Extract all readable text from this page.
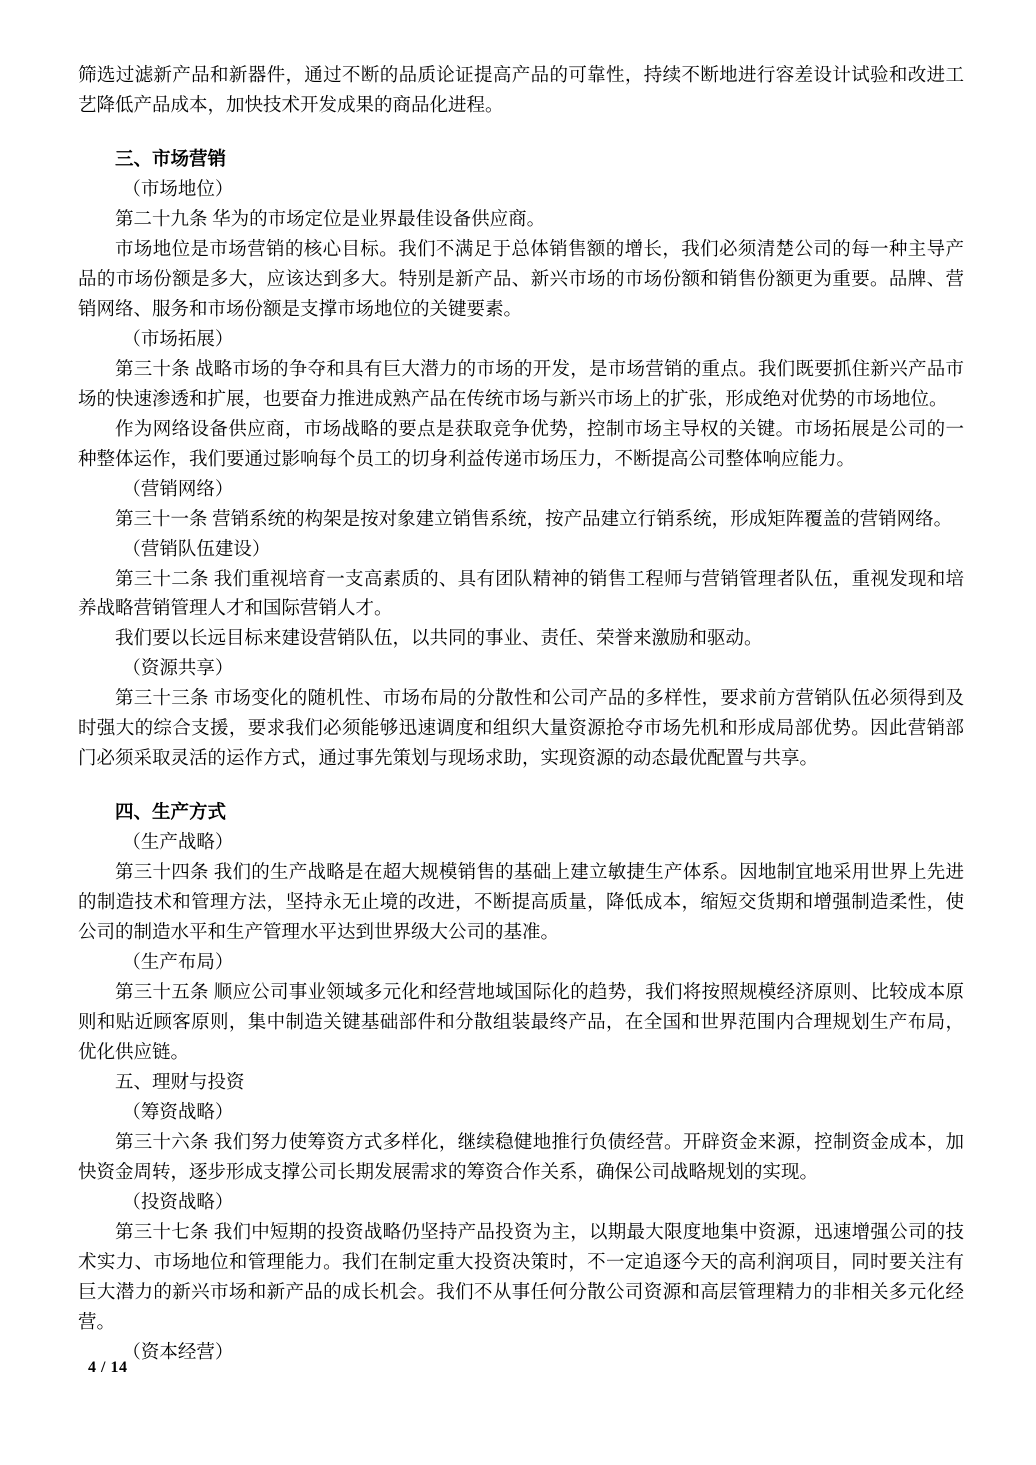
筛选过滤新产品和新器件，通过不断的品质论证提高产品的可靠性，持续不断地进行容差设计试验和改进工艺降低产品成本，加快技术开发成果的商品化进程。

三、市场营销

（市场地位）

第二十九条 华为的市场定位是业界最佳设备供应商。

市场地位是市场营销的核心目标。我们不满足于总体销售额的增长，我们必须清楚公司的每一种主导产品的市场份额是多大，应该达到多大。特别是新产品、新兴市场的市场份额和销售份额更为重要。品牌、营销网络、服务和市场份额是支撑市场地位的关键要素。

（市场拓展）

第三十条 战略市场的争夺和具有巨大潜力的市场的开发，是市场营销的重点。我们既要抓住新兴产品市场的快速渗透和扩展，也要奋力推进成熟产品在传统市场与新兴市场上的扩张，形成绝对优势的市场地位。

作为网络设备供应商，市场战略的要点是获取竞争优势，控制市场主导权的关键。市场拓展是公司的一种整体运作，我们要通过影响每个员工的切身利益传递市场压力，不断提高公司整体响应能力。

（营销网络）

第三十一条 营销系统的构架是按对象建立销售系统，按产品建立行销系统，形成矩阵覆盖的营销网络。

（营销队伍建设）

第三十二条 我们重视培育一支高素质的、具有团队精神的销售工程师与营销管理者队伍，重视发现和培养战略营销管理人才和国际营销人才。

我们要以长远目标来建设营销队伍，以共同的事业、责任、荣誉来激励和驱动。

（资源共享）

第三十三条 市场变化的随机性、市场布局的分散性和公司产品的多样性，要求前方营销队伍必须得到及时强大的综合支援，要求我们必须能够迅速调度和组织大量资源抢夺市场先机和形成局部优势。因此营销部门必须采取灵活的运作方式，通过事先策划与现场求助，实现资源的动态最优配置与共享。

四、生产方式

（生产战略）

第三十四条 我们的生产战略是在超大规模销售的基础上建立敏捷生产体系。因地制宜地采用世界上先进的制造技术和管理方法，坚持永无止境的改进，不断提高质量，降低成本，缩短交货期和增强制造柔性，使公司的制造水平和生产管理水平达到世界级大公司的基准。

（生产布局）

第三十五条 顺应公司事业领域多元化和经营地域国际化的趋势，我们将按照规模经济原则、比较成本原则和贴近顾客原则，集中制造关键基础部件和分散组装最终产品，在全国和世界范围内合理规划生产布局，优化供应链。

五、理财与投资

（筹资战略）

第三十六条 我们努力使筹资方式多样化，继续稳健地推行负债经营。开辟资金来源，控制资金成本，加快资金周转，逐步形成支撑公司长期发展需求的筹资合作关系，确保公司战略规划的实现。

（投资战略）

第三十七条 我们中短期的投资战略仍坚持产品投资为主，以期最大限度地集中资源，迅速增强公司的技术实力、市场地位和管理能力。我们在制定重大投资决策时，不一定追逐今天的高利润项目，同时要关注有巨大潜力的新兴市场和新产品的成长机会。我们不从事任何分散公司资源和高层管理精力的非相关多元化经营。

（资本经营）

4 / 14
